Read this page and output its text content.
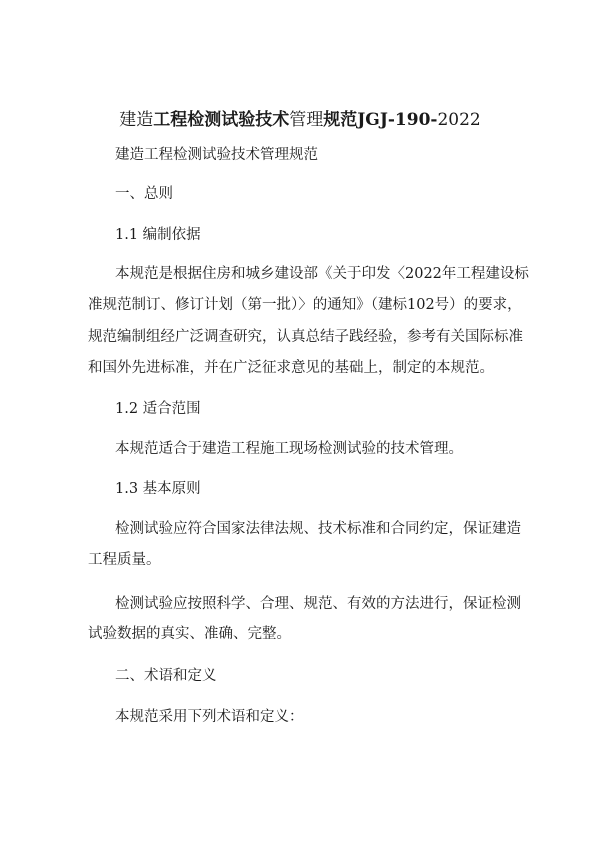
建造工程检测试验技术管理规范JGJ-190-2022
建造工程检测试验技术管理规范
一、总则
1.1 编制依据
本规范是根据住房和城乡建设部《关于印发〈2022年工程建设标
准规范制订、修订计划（第一批）〉的通知》（建标102号）的要求，
规范编制组经广泛调查研究，认真总结子践经验，参考有关国际标准
和国外先进标准，并在广泛征求意见的基础上，制定的本规范。
1.2 适合范围
本规范适合于建造工程施工现场检测试验的技术管理。
1.3 基本原则
检测试验应符合国家法律法规、技术标准和合同约定，保证建造
工程质量。
检测试验应按照科学、合理、规范、有效的方法进行，保证检测
试验数据的真实、准确、完整。
二、术语和定义
本规范采用下列术语和定义：
